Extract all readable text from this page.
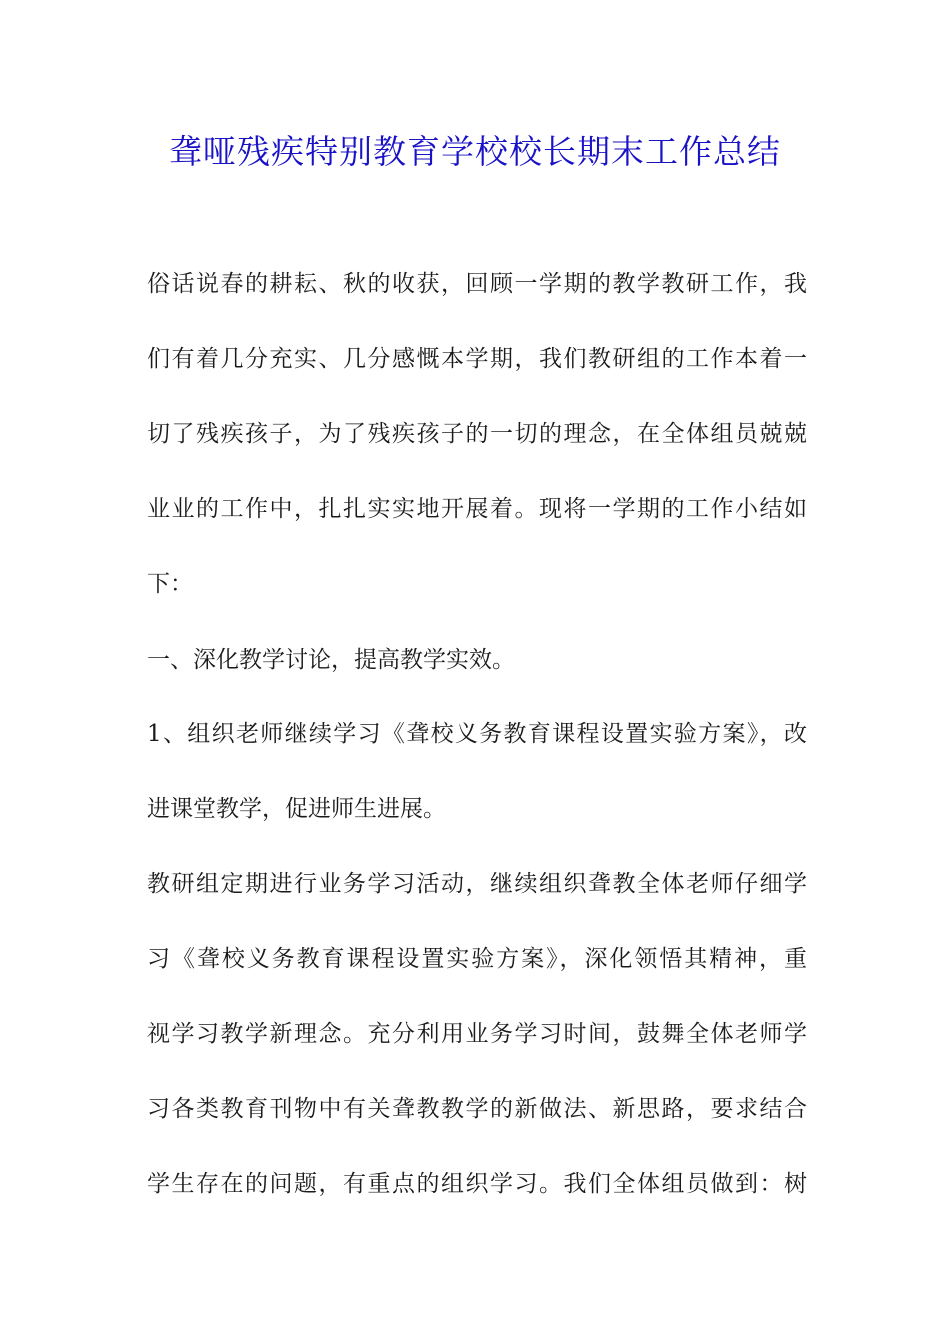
聋哑残疾特别教育学校校长期末工作总结

俗话说春的耕耘、秋的收获，回顾一学期的教学教研工作，我

们有着几分充实、几分感慨本学期，我们教研组的工作本着一

切了残疾孩子，为了残疾孩子的一切的理念，在全体组员兢兢

业业的工作中，扎扎实实地开展着。现将一学期的工作小结如

下：

一、深化教学讨论，提高教学实效。

1、组织老师继续学习《聋校义务教育课程设置实验方案》，改

进课堂教学，促进师生进展。

教研组定期进行业务学习活动，继续组织聋教全体老师仔细学

习《聋校义务教育课程设置实验方案》，深化领悟其精神，重

视学习教学新理念。充分利用业务学习时间，鼓舞全体老师学

习各类教育刊物中有关聋教教学的新做法、新思路，要求结合

学生存在的问题，有重点的组织学习。我们全体组员做到：树
